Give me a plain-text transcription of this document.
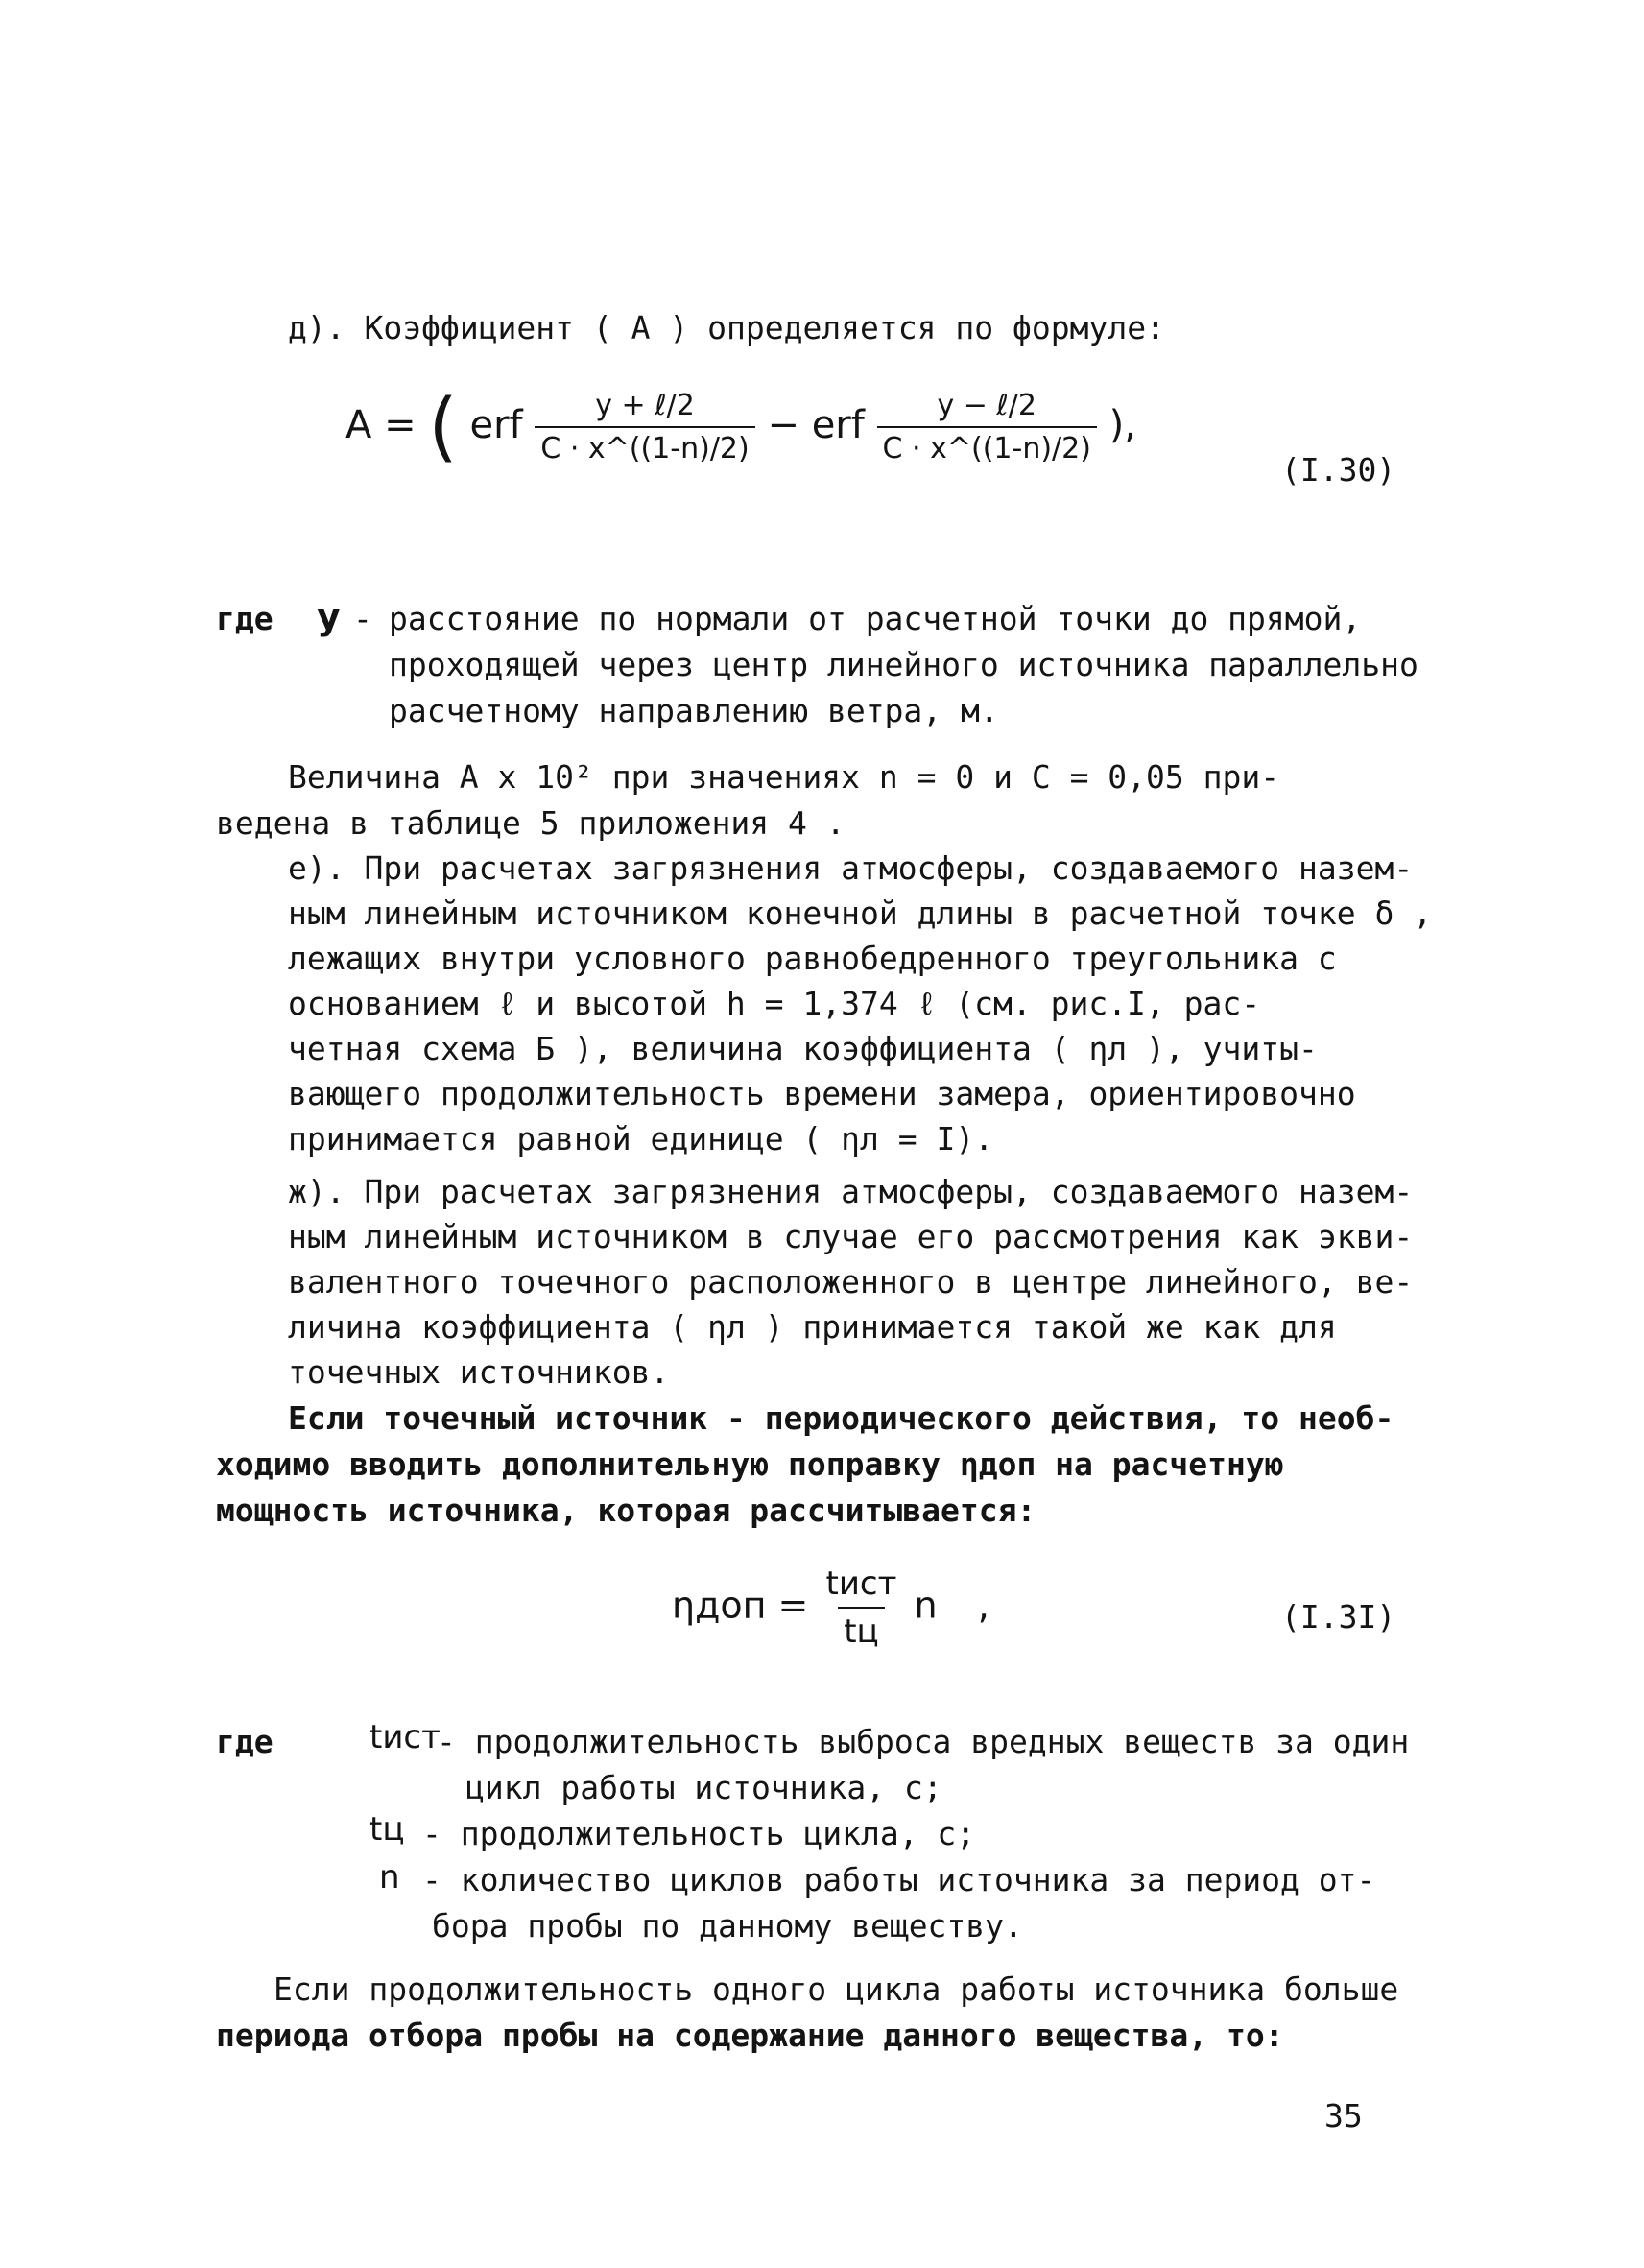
д). Коэффициент ( A ) определяется по формуле:
A = ( erf $\frac{\text{y + ℓ/2}}{C \cdot x\^{}((1-n)/2)}$ − erf $\frac{\text{y − ℓ/2}}{C \cdot x\^{}((1-n)/2)}$ ),
(I.30)
где y - расстояние по нормали от расчетной точки до прямой,
проходящей через центр линейного источника параллельно
расчетному направлению ветра, м.
Величина A x 10² при значениях n = 0 и C = 0,05 при-
ведена в таблице 5 приложения 4 .
е). При расчетах загрязнения атмосферы, создаваемого назем-
ным линейным источником конечной длины в расчетной точке δ ,
лежащих внутри условного равнобедренного треугольника с
основанием ℓ и высотой h = 1,374 ℓ (см. рис.I, рас-
четная схема Б ), величина коэффициента ( ηл ), учиты-
вающего продолжительность времени замера, ориентировочно
принимается равной единице ( ηл = I).
ж). При расчетах загрязнения атмосферы, создаваемого назем-
ным линейным источником в случае его рассмотрения как экви-
валентного точечного расположенного в центре линейного, ве-
личина коэффициента ( ηл ) принимается такой же как для
точечных источников.
Если точечный источник - периодического действия, то необ-
ходимо вводить дополнительную поправку ηдоп на расчетную
мощность источника, которая рассчитывается:
$\eta доп = \frac{\text{tист}}{tц}$ n ,	(I.3I)
где	tист
- продолжительность выброса вредных веществ за один
цикл работы источника, с;
tц - продолжительность цикла, с;
n - количество циклов работы источника за период от-
бора пробы по данному веществу.
Если продолжительность одного цикла работы источника больше
периода отбора пробы на содержание данного вещества, то:
35
